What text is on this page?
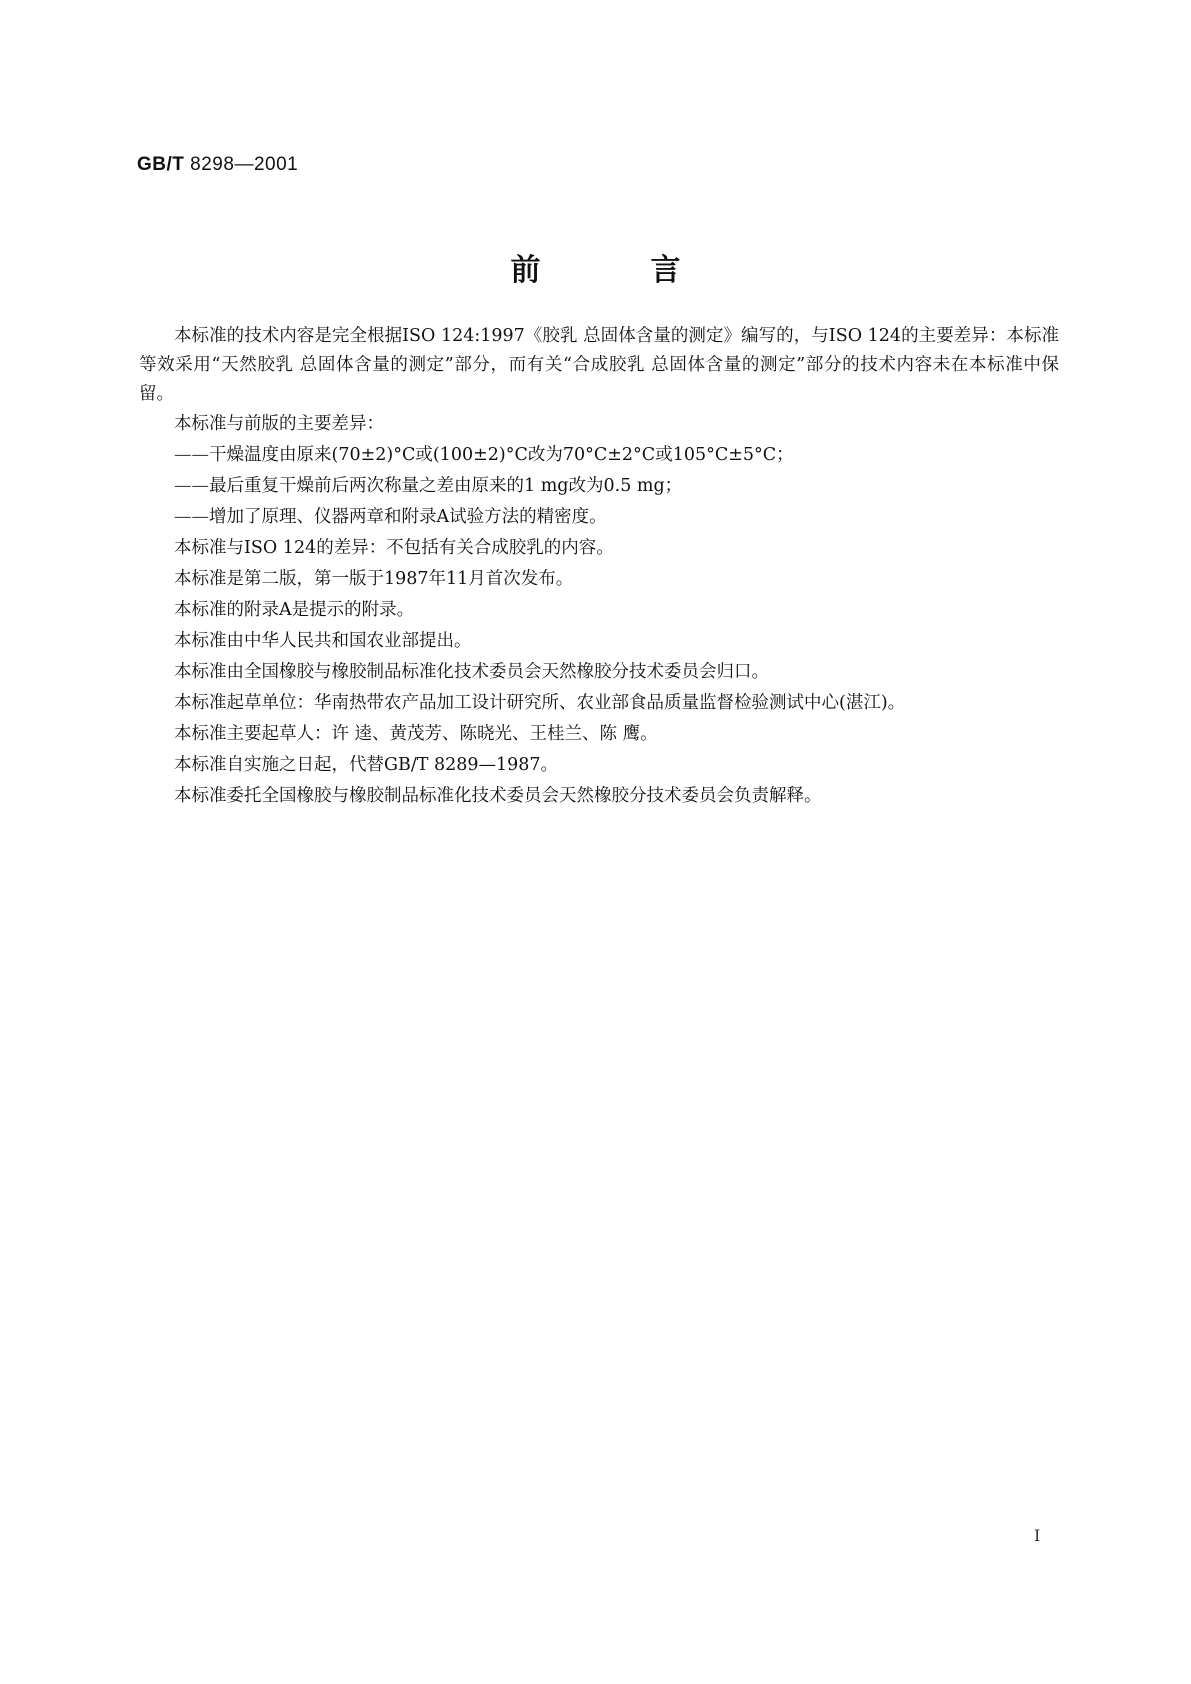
GB/T 8298—2001
前言

本标准的技术内容是完全根据ISO 124:1997《胶乳 总固体含量的测定》编写的，与ISO 124的主要差异：本标准等效采用“天然胶乳 总固体含量的测定”部分，而有关“合成胶乳 总固体含量的测定”部分的技术内容未在本标准中保留。

本标准与前版的主要差异：

——干燥温度由原来(70±2)°C或(100±2)°C改为70°C±2°C或105°C±5°C；

——最后重复干燥前后两次称量之差由原来的1 mg改为0.5 mg；

——增加了原理、仪器两章和附录A试验方法的精密度。

本标准与ISO 124的差异：不包括有关合成胶乳的内容。

本标准是第二版，第一版于1987年11月首次发布。

本标准的附录A是提示的附录。

本标准由中华人民共和国农业部提出。

本标准由全国橡胶与橡胶制品标准化技术委员会天然橡胶分技术委员会归口。

本标准起草单位：华南热带农产品加工设计研究所、农业部食品质量监督检验测试中心(湛江)。

本标准主要起草人：许 逵、黄茂芳、陈晓光、王桂兰、陈 鹰。

本标准自实施之日起，代替GB/T 8289—1987。

本标准委托全国橡胶与橡胶制品标准化技术委员会天然橡胶分技术委员会负责解释。

I
